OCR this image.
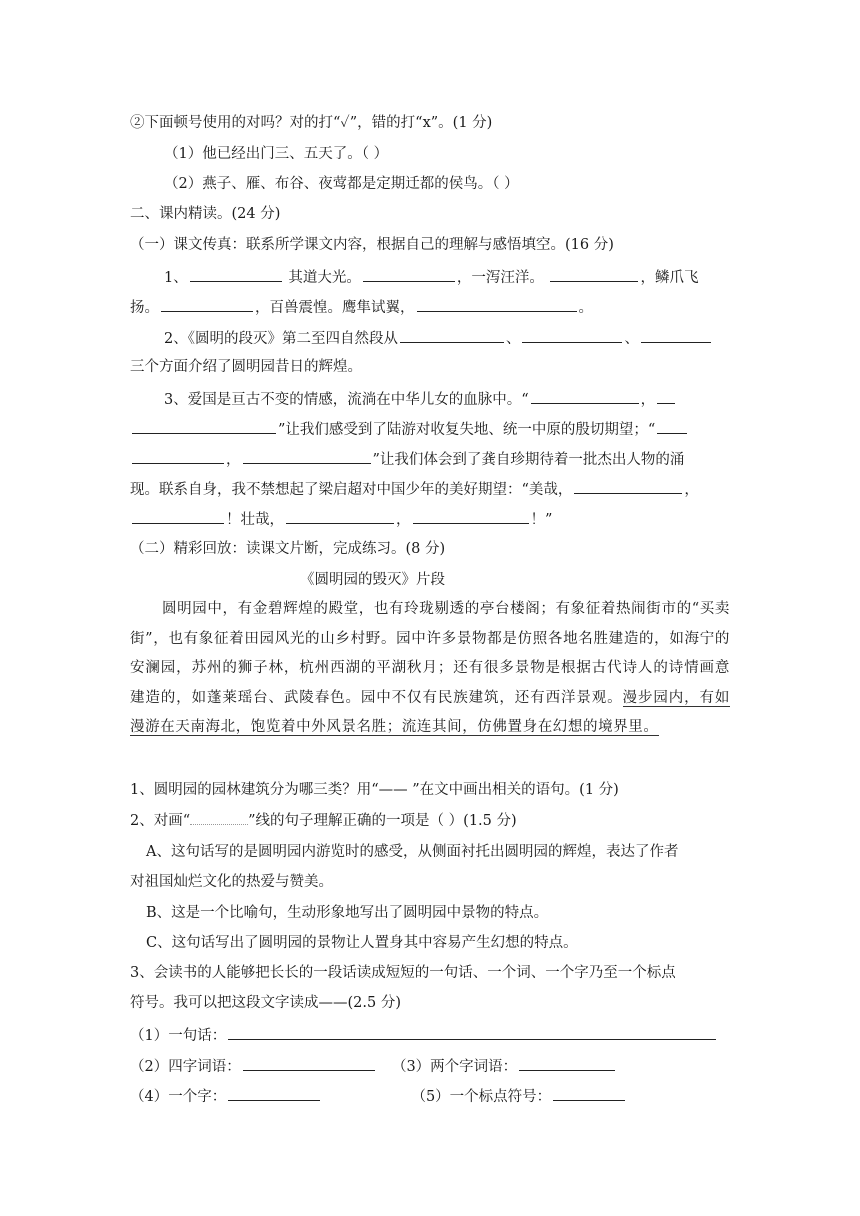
②下面顿号使用的对吗？对的打“✓”，错的打“x”。(1 分)
（1）他已经出门三、五天了。（ ）
（2）燕子、雁、布谷、夜莺都是定期迁都的侯鸟。（ ）
二、课内精读。(24 分)
（一）课文传真：联系所学课文内容，根据自己的理解与感悟填空。(16 分)
1、	其道大光。	，一泻汪洋。	，鳞爪飞
扬。	，百兽震惶。鹰隼试翼，	。
2、《圆明的段灭》第二至四自然段从	、	、
三个方面介绍了圆明园昔日的辉煌。
3、爱国是亘古不变的情感，流淌在中华儿女的血脉中。“	，
”让我们感受到了陆游对收复失地、统一中原的殷切期望；“
，	”让我们体会到了龚自珍期待着一批杰出人物的涌
现。联系自身，我不禁想起了梁启超对中国少年的美好期望：“美哉，	，
！壮哉，	，	！”
（二）精彩回放：读课文片断，完成练习。(8 分)
《圆明园的毁灭》片段
圆明园中，有金碧辉煌的殿堂，也有玲珑剔透的亭台楼阁；有象征着热闹街市的“买卖街”，也有象征着田园风光的山乡村野。园中许多景物都是仿照各地名胜建造的，如海宁的安澜园，苏州的狮子林，杭州西湖的平湖秋月；还有很多景物是根据古代诗人的诗情画意建造的，如蓬莱瑶台、武陵春色。园中不仅有民族建筑，还有西洋景观。漫步园内，有如漫游在天南海北，饱览着中外风景名胜；流连其间，仿佛置身在幻想的境界里。
1、圆明园的园林建筑分为哪三类？用“—— ”在文中画出相关的语句。(1 分)
2、对画“	”线的句子理解正确的一项是（ ）(1.5 分)
A、这句话写的是圆明园内游览时的感受，从侧面衬托出圆明园的辉煌，表达了作者
对祖国灿烂文化的热爱与赞美。
B、这是一个比喻句，生动形象地写出了圆明园中景物的特点。
C、这句话写出了圆明园的景物让人置身其中容易产生幻想的特点。
3、会读书的人能够把长长的一段话读成短短的一句话、一个词、一个字乃至一个标点
符号。我可以把这段文字读成——(2.5 分)
（1）一句话：
（2）四字词语：	（3）两个字词语：
（4）一个字：	（5）一个标点符号：
